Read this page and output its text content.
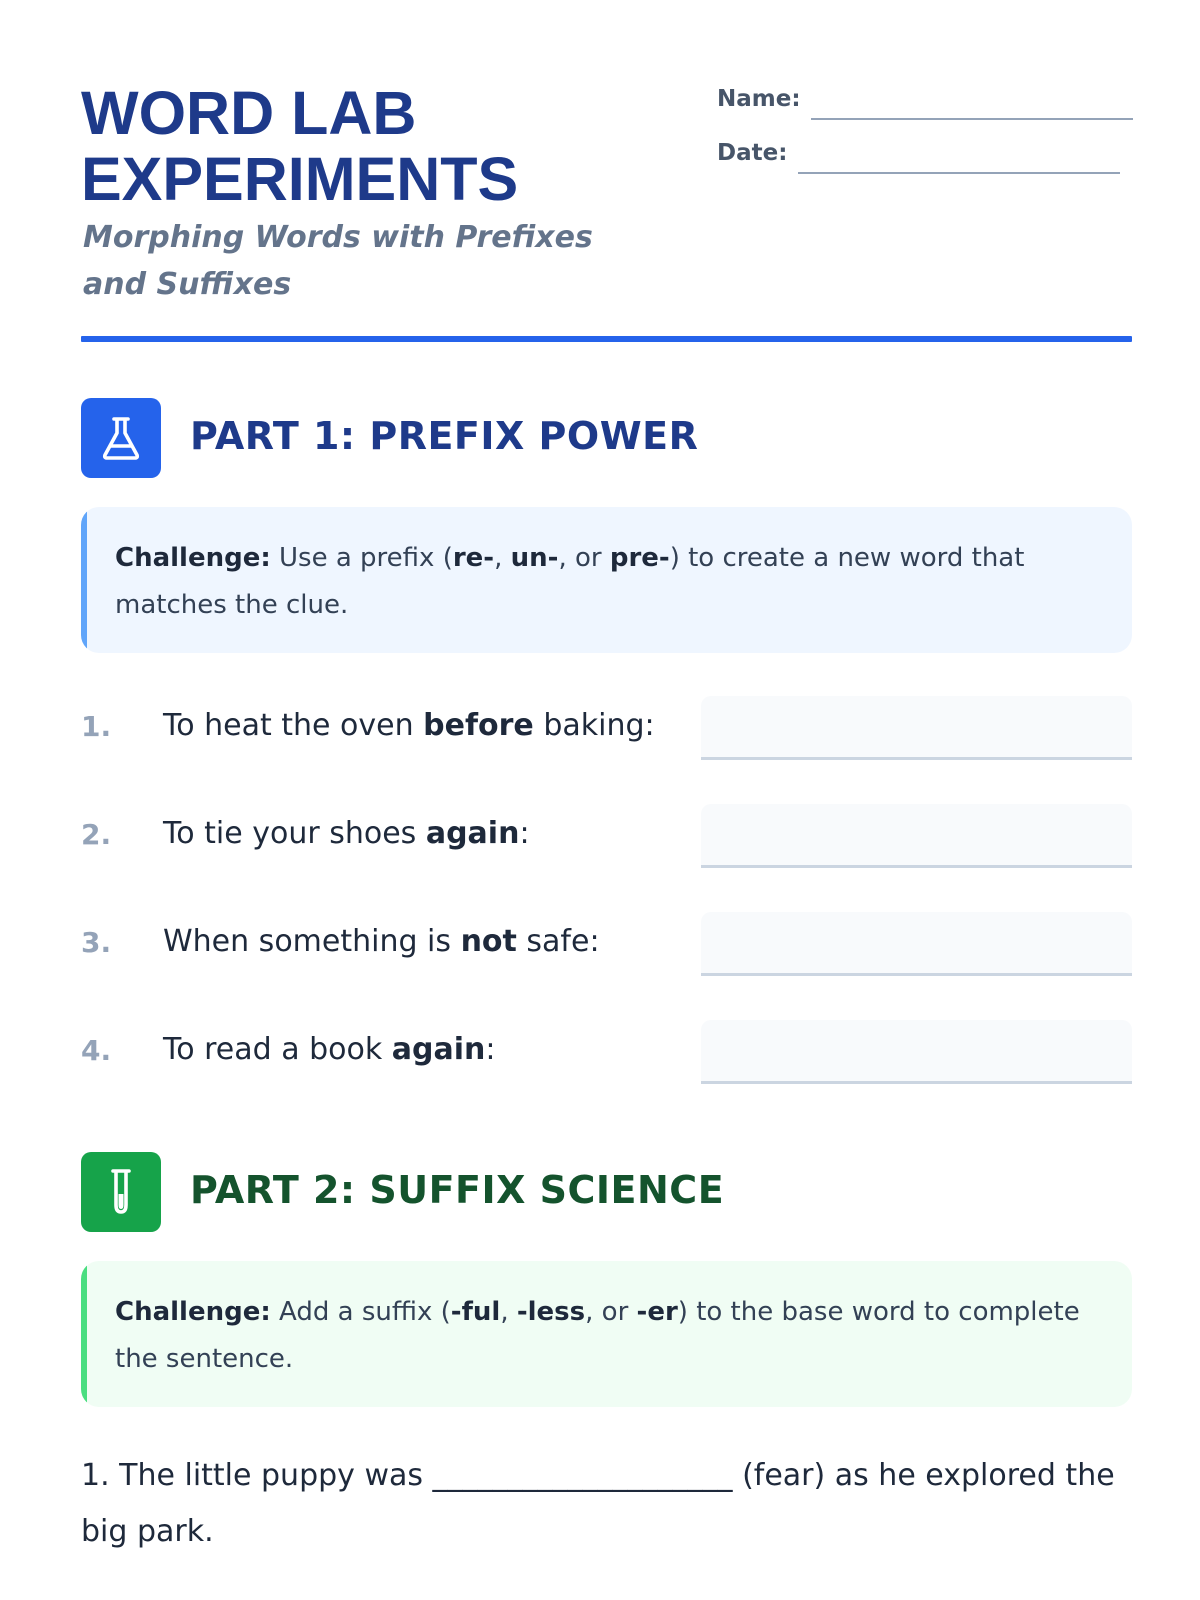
WORD LAB
EXPERIMENTS

Morphing Words with Prefixes and Suffixes

Name:
Date:
PART 1: PREFIX POWER
Challenge: Use a prefix (re-, un-, or pre-) to create a new word that matches the clue.
1. To heat the oven before baking:
2. To tie your shoes again:
3. When something is not safe:
4. To read a book again:
PART 2: SUFFIX SCIENCE
Challenge: Add a suffix (-ful, -less, or -er) to the base word to complete the sentence.

1. The little puppy was ____________________ (fear) as he explored the big park.
